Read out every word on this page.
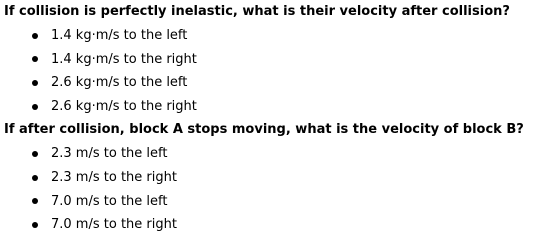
If collision is perfectly inelastic, what is their velocity after collision?
1.4 kg·m/s to the left
1.4 kg·m/s to the right
2.6 kg·m/s to the left
2.6 kg·m/s to the right
If after collision, block A stops moving, what is the velocity of block B?
2.3 m/s to the left
2.3 m/s to the right
7.0 m/s to the left
7.0 m/s to the right
